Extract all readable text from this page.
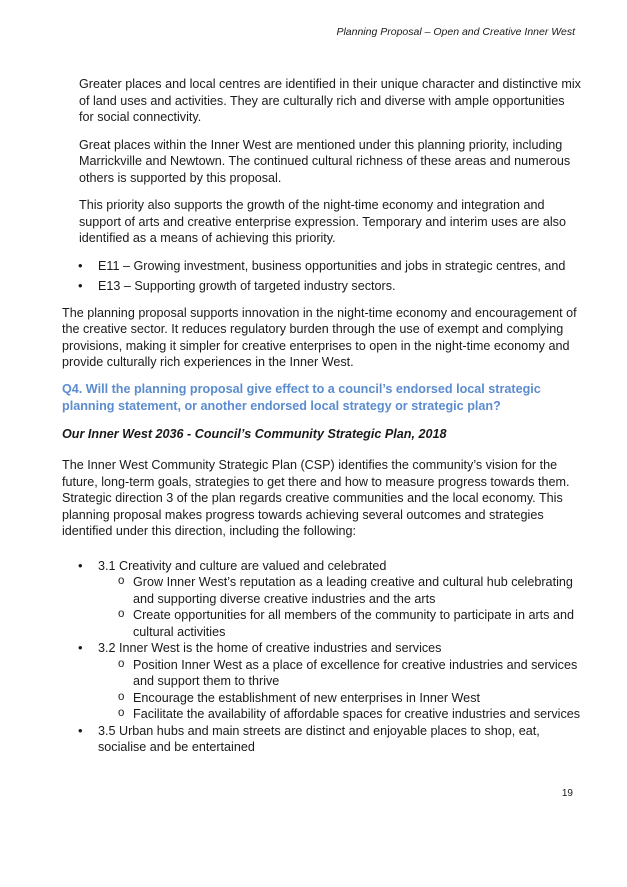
Planning Proposal – Open and Creative Inner West

Greater places and local centres are identified in their unique character and distinctive mix of land uses and activities. They are culturally rich and diverse with ample opportunities for social connectivity.

Great places within the Inner West are mentioned under this planning priority, including Marrickville and Newtown. The continued cultural richness of these areas and numerous others is supported by this proposal.

This priority also supports the growth of the night-time economy and integration and support of arts and creative enterprise expression. Temporary and interim uses are also identified as a means of achieving this priority.

• E11 – Growing investment, business opportunities and jobs in strategic centres, and
• E13 – Supporting growth of targeted industry sectors.

The planning proposal supports innovation in the night-time economy and encouragement of the creative sector. It reduces regulatory burden through the use of exempt and complying provisions, making it simpler for creative enterprises to open in the night-time economy and provide culturally rich experiences in the Inner West.

Q4. Will the planning proposal give effect to a council’s endorsed local strategic planning statement, or another endorsed local strategy or strategic plan?

Our Inner West 2036 - Council’s Community Strategic Plan, 2018

The Inner West Community Strategic Plan (CSP) identifies the community’s vision for the future, long-term goals, strategies to get there and how to measure progress towards them. Strategic direction 3 of the plan regards creative communities and the local economy. This planning proposal makes progress towards achieving several outcomes and strategies identified under this direction, including the following:

• 3.1 Creativity and culture are valued and celebrated
o Grow Inner West’s reputation as a leading creative and cultural hub celebrating and supporting diverse creative industries and the arts
o Create opportunities for all members of the community to participate in arts and cultural activities
• 3.2 Inner West is the home of creative industries and services
o Position Inner West as a place of excellence for creative industries and services and support them to thrive
o Encourage the establishment of new enterprises in Inner West
o Facilitate the availability of affordable spaces for creative industries and services
• 3.5 Urban hubs and main streets are distinct and enjoyable places to shop, eat, socialise and be entertained
19
